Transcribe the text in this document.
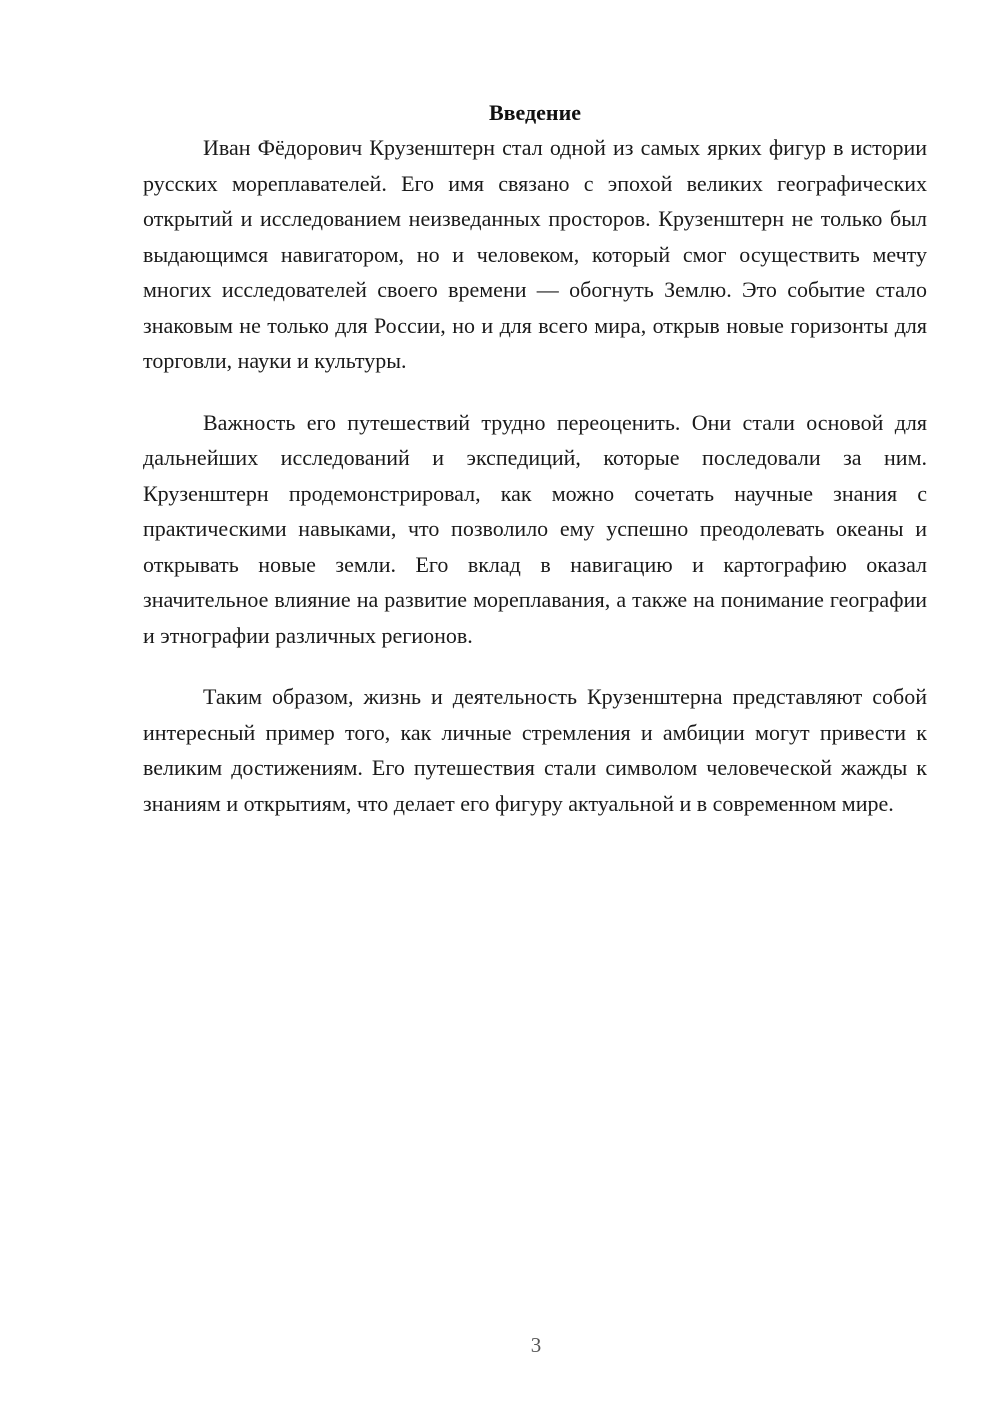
Введение

Иван Фёдорович Крузенштерн стал одной из самых ярких фигур в истории русских мореплавателей. Его имя связано с эпохой великих географических открытий и исследованием неизведанных просторов. Крузенштерн не только был выдающимся навигатором, но и человеком, который смог осуществить мечту многих исследователей своего времени — обогнуть Землю. Это событие стало знаковым не только для России, но и для всего мира, открыв новые горизонты для торговли, науки и культуры.

Важность его путешествий трудно переоценить. Они стали основой для дальнейших исследований и экспедиций, которые последовали за ним. Крузенштерн продемонстрировал, как можно сочетать научные знания с практическими навыками, что позволило ему успешно преодолевать океаны и открывать новые земли. Его вклад в навигацию и картографию оказал значительное влияние на развитие мореплавания, а также на понимание географии и этнографии различных регионов.

Таким образом, жизнь и деятельность Крузенштерна представляют собой интересный пример того, как личные стремления и амбиции могут привести к великим достижениям. Его путешествия стали символом человеческой жажды к знаниям и открытиям, что делает его фигуру актуальной и в современном мире.

3
